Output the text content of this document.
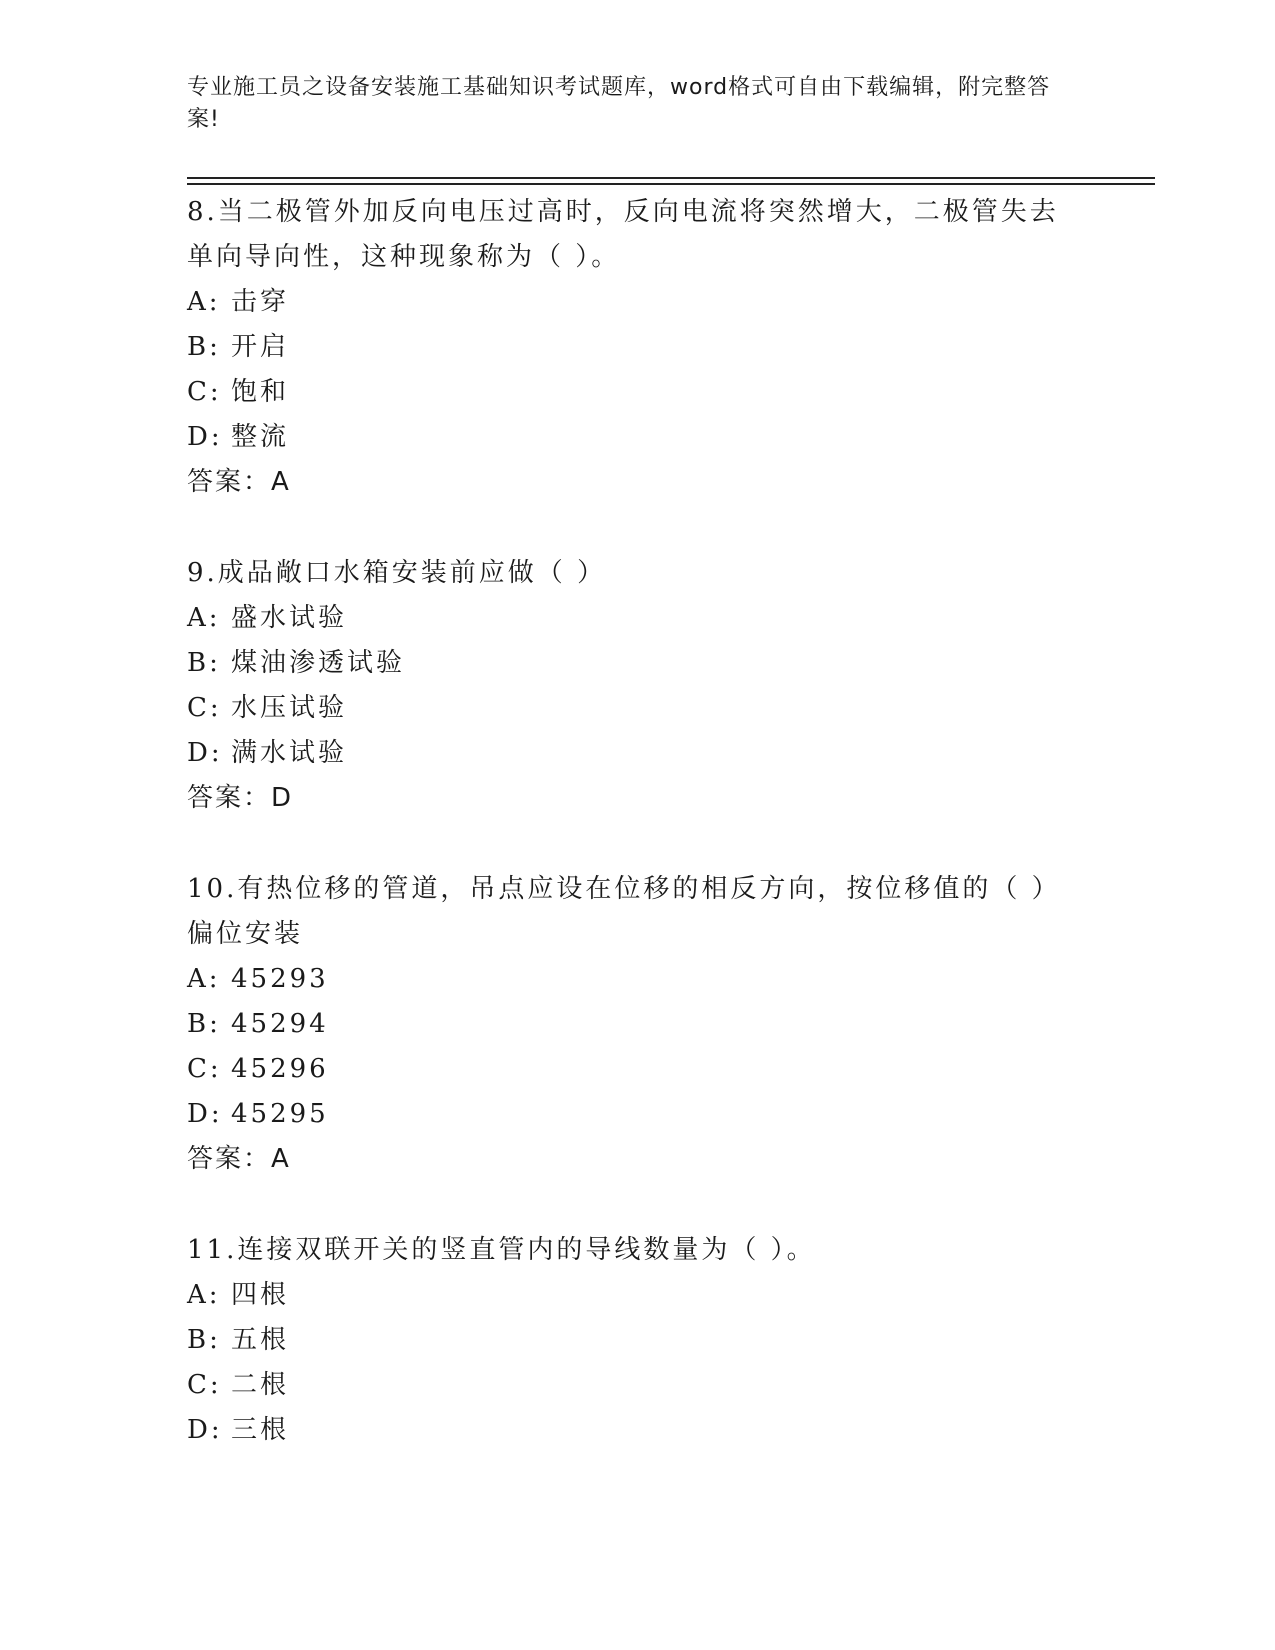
专业施工员之设备安装施工基础知识考试题库，word格式可自由下载编辑，附完整答案!
8.当二极管外加反向电压过高时，反向电流将突然增大，二极管失去单向导向性，这种现象称为（ ）。
A: 击穿
B: 开启
C: 饱和
D: 整流
答案：A
9.成品敞口水箱安装前应做（ ）
A: 盛水试验
B: 煤油渗透试验
C: 水压试验
D: 满水试验
答案：D
10.有热位移的管道，吊点应设在位移的相反方向，按位移值的（ ）偏位安装
A: 45293
B: 45294
C: 45296
D: 45295
答案：A
11.连接双联开关的竖直管内的导线数量为（ ）。
A: 四根
B: 五根
C: 二根
D: 三根
